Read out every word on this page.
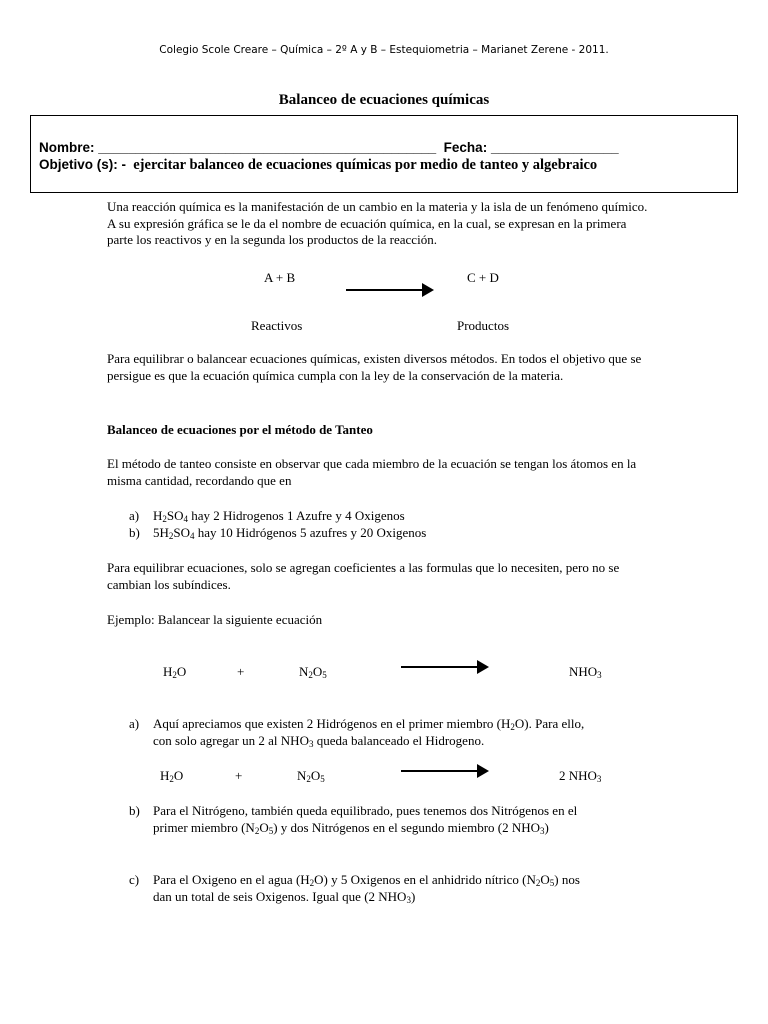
Colegio Scole Creare – Química – 2º A y B – Estequiometria – Marianet Zerene - 2011.
Balanceo de ecuaciones químicas
Nombre: _____________________________________________ Fecha: _________________
Objetivo (s): - ejercitar balanceo de ecuaciones químicas por medio de tanteo y algebraico
Una reacción química es la manifestación de un cambio en la materia y la isla de un fenómeno químico. A su expresión gráfica se le da el nombre de ecuación química, en la cual, se expresan en la primera parte los reactivos y en la segunda los productos de la reacción.
A + B	C + D
Reactivos	Productos
Para equilibrar o balancear ecuaciones químicas, existen diversos métodos. En todos el objetivo que se persigue es que la ecuación química cumpla con la ley de la conservación de la materia.
Balanceo de ecuaciones por el método de Tanteo
El método de tanteo consiste en observar que cada miembro de la ecuación se tengan los átomos en la misma cantidad, recordando que en
a) $H_2SO_4$ hay 2 Hidrogenos 1 Azufre y 4 Oxigenos
b) $5H_2SO_4$ hay 10 Hidrógenos 5 azufres y 20 Oxigenos
Para equilibrar ecuaciones, solo se agregan coeficientes a las formulas que lo necesiten, pero no se cambian los subíndices.
Ejemplo: Balancear la siguiente ecuación
$H_2O$	+	$N_2O_5$	$NHO_3$
a) Aquí apreciamos que existen 2 Hidrógenos en el primer miembro $(H_2O)$. Para ello,
con solo agregar un 2 al $NHO_3$ queda balanceado el Hidrogeno.
$H_2O$	+	$N_2O_5$	2 $NHO_3$
b) Para el Nitrógeno, también queda equilibrado, pues tenemos dos Nitrógenos en el
primer miembro $(N_2O_5)$ y dos Nitrógenos en el segundo miembro (2 $NHO_3$)
c) Para el Oxigeno en el agua $(H_2O)$ y 5 Oxigenos en el anhidrido nítrico $(N_2O_5)$ nos
dan un total de seis Oxigenos. Igual que (2 $NHO_3$)
